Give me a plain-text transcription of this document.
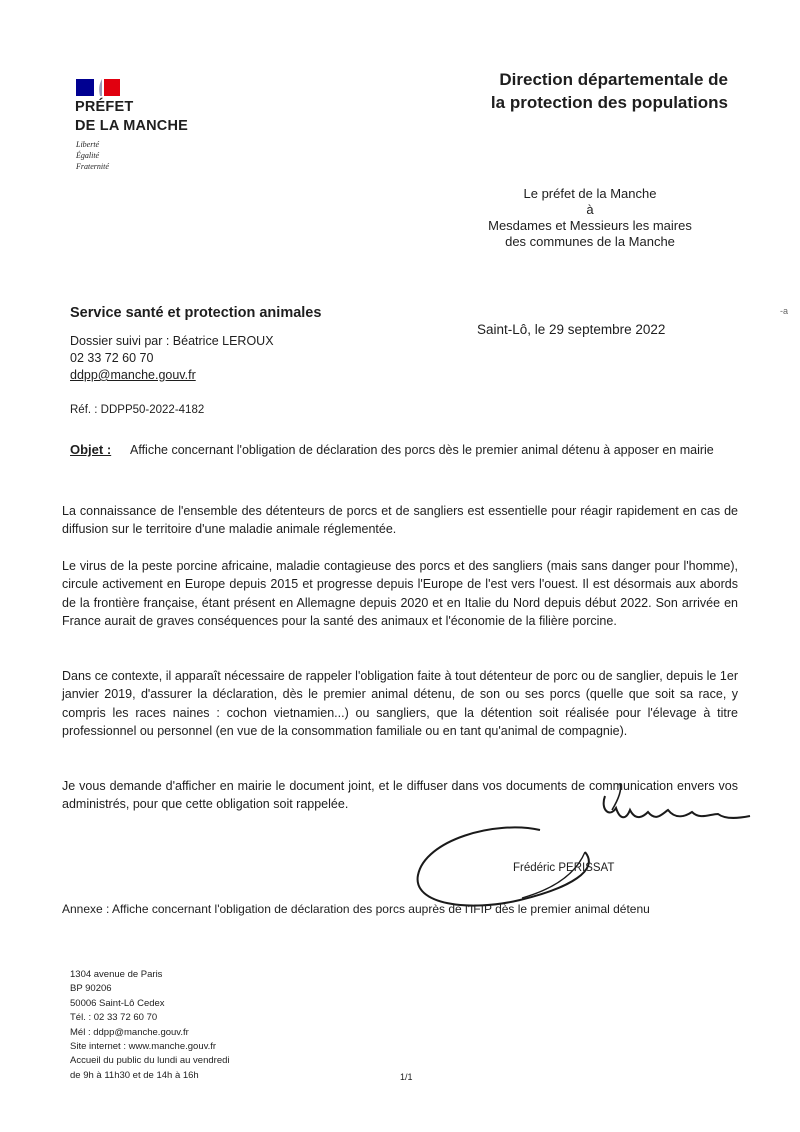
PRÉFET
DE LA MANCHE
Liberté
Égalité
Fraternité
Direction départementale de
la protection des populations
Le préfet de la Manche
à
Mesdames et Messieurs les maires
des communes de la Manche
-a
Service santé et protection animales
Saint-Lô, le 29 septembre 2022
Dossier suivi par : Béatrice LEROUX
02 33 72 60 70
ddpp@manche.gouv.fr
Réf. : DDPP50-2022-4182
Objet : Affiche concernant l'obligation de déclaration des porcs dès le premier animal détenu à apposer en mairie
La connaissance de l'ensemble des détenteurs de porcs et de sangliers est essentielle pour réagir rapidement en cas de diffusion sur le territoire d'une maladie animale réglementée.
Le virus de la peste porcine africaine, maladie contagieuse des porcs et des sangliers (mais sans danger pour l'homme), circule activement en Europe depuis 2015 et progresse depuis l'Europe de l'est vers l'ouest. Il est désormais aux abords de la frontière française, étant présent en Allemagne depuis 2020 et en Italie du Nord depuis début 2022. Son arrivée en France aurait de graves conséquences pour la santé des animaux et l'économie de la filière porcine.
Dans ce contexte, il apparaît nécessaire de rappeler l'obligation faite à tout détenteur de porc ou de sanglier, depuis le 1er janvier 2019, d'assurer la déclaration, dès le premier animal détenu, de son ou ses porcs (quelle que soit sa race, y compris les races naines : cochon vietnamien...) ou sangliers, que la détention soit réalisée pour l'élevage à titre professionnel ou personnel (en vue de la consommation familiale ou en tant qu'animal de compagnie).
Je vous demande d'afficher en mairie le document joint, et le diffuser dans vos documents de communication envers vos administrés, pour que cette obligation soit rappelée.
Frédéric PERISSAT
Annexe : Affiche concernant l'obligation de déclaration des porcs auprès de l'IFIP dès le premier animal détenu
1304 avenue de Paris
BP 90206
50006 Saint-Lô Cedex
Tél. : 02 33 72 60 70
Mél : ddpp@manche.gouv.fr
Site internet : www.manche.gouv.fr
Accueil du public du lundi au vendredi
de 9h à 11h30 et de 14h à 16h	1/1
